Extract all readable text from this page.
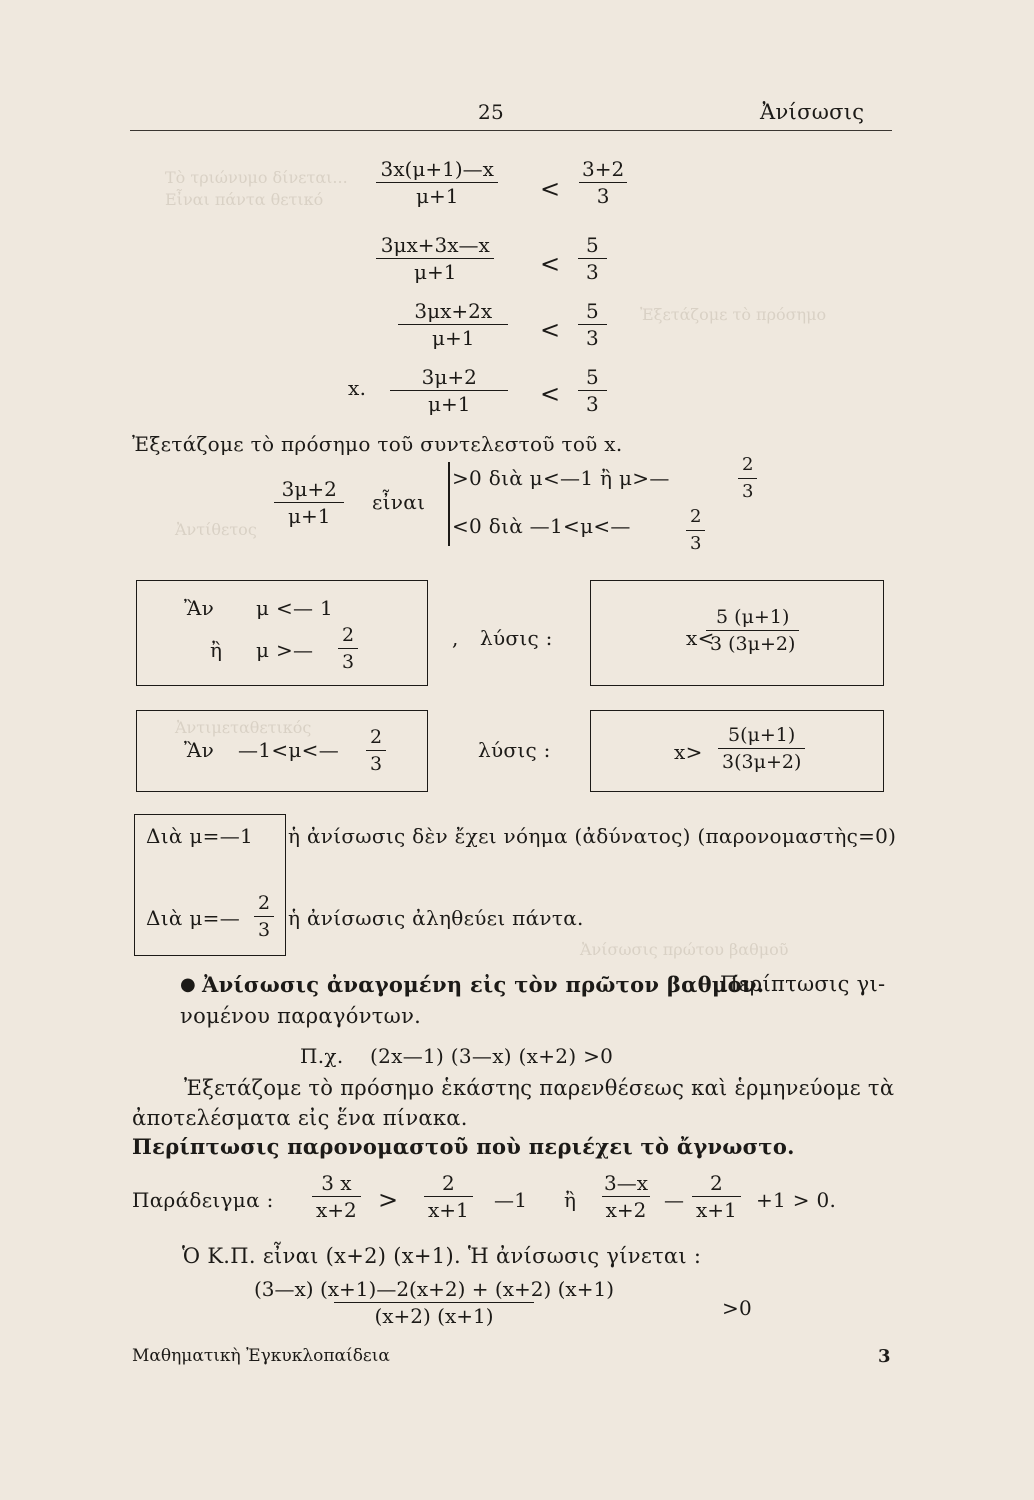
Τὸ τριώνυμο δίνεται...
Εἶναι πάντα θετικό
Ἐξετάζομε τὸ πρόσημο
Ἀντίθετος
Ἀντιμεταθετικός
Ἀνίσωσις πρώτου βαθμοῦ
25	Ἀνίσωσις
$\frac{3x(\mu+1)—x}{\mu+1} < \frac{3+2}{3}$
$\frac{3\mu x+3x—x}{\mu+1} < \frac{5}{3}$
$\frac{3\mu x+2x}{\mu+1} < \frac{5}{3}$
x. $\frac{3\mu+2}{\mu+1} < \frac{5}{3}$
Ἐξετάζομε τὸ πρόσημο τοῦ συντελεστοῦ τοῦ x.
$\frac{3\mu+2}{\mu+1}$ εἶναι
>0 διὰ μ<—1 ἢ μ>—	$\frac{2}{3}$
<0 διὰ —1<μ<—	$\frac{2}{3}$
Ἂν μ <— 1
ἢ μ >— $\frac{2}{3}$	, λύσις :	x<
$\frac{5 (\mu+1)}{3 (3\mu+2)}$
Ἂν —1<μ<— $\frac{2}{3}$	λύσις :	$x> \frac{5(\mu+1)}{3(3\mu+2)}$
Διὰ μ=—1 ἡ ἀνίσωσις δὲν ἔχει νόημα (ἀδύνατος) (παρονομαστὴς=0)
Διὰ μ=— $\frac{2}{3}$ ἡ ἀνίσωσις ἀληθεύει πάντα.
● Ἀνίσωσις ἀναγομένη εἰς τὸν πρῶτον βαθμόν.
Περίπτωσις γι-
νομένου παραγόντων.
Π.χ. (2x—1) (3—x) (x+2) >0
Ἐξετάζομε τὸ πρόσημο ἑκάστης παρενθέσεως καὶ ἑρμηνεύομε τὰ
ἀποτελέσματα εἰς ἕνα πίνακα.
Περίπτωσις παρονομαστοῦ ποὺ περιέχει τὸ ἄγνωστο.
Παράδειγμα : $\frac{3 x}{x+2} > \frac{2}{x+1}$ —1 ἢ $\frac{3—x}{x+2}$ — $\frac{2}{x+1} +1 > 0$.
Ὁ Κ.Π. εἶναι (x+2) (x+1). Ἡ ἀνίσωσις γίνεται :
$\frac{(3—x) (x+1)—2(x+2) + (x+2) (x+1)}{(x+2) (x+1)}$	>0
Μαθηματικὴ Ἐγκυκλοπαίδεια	3
